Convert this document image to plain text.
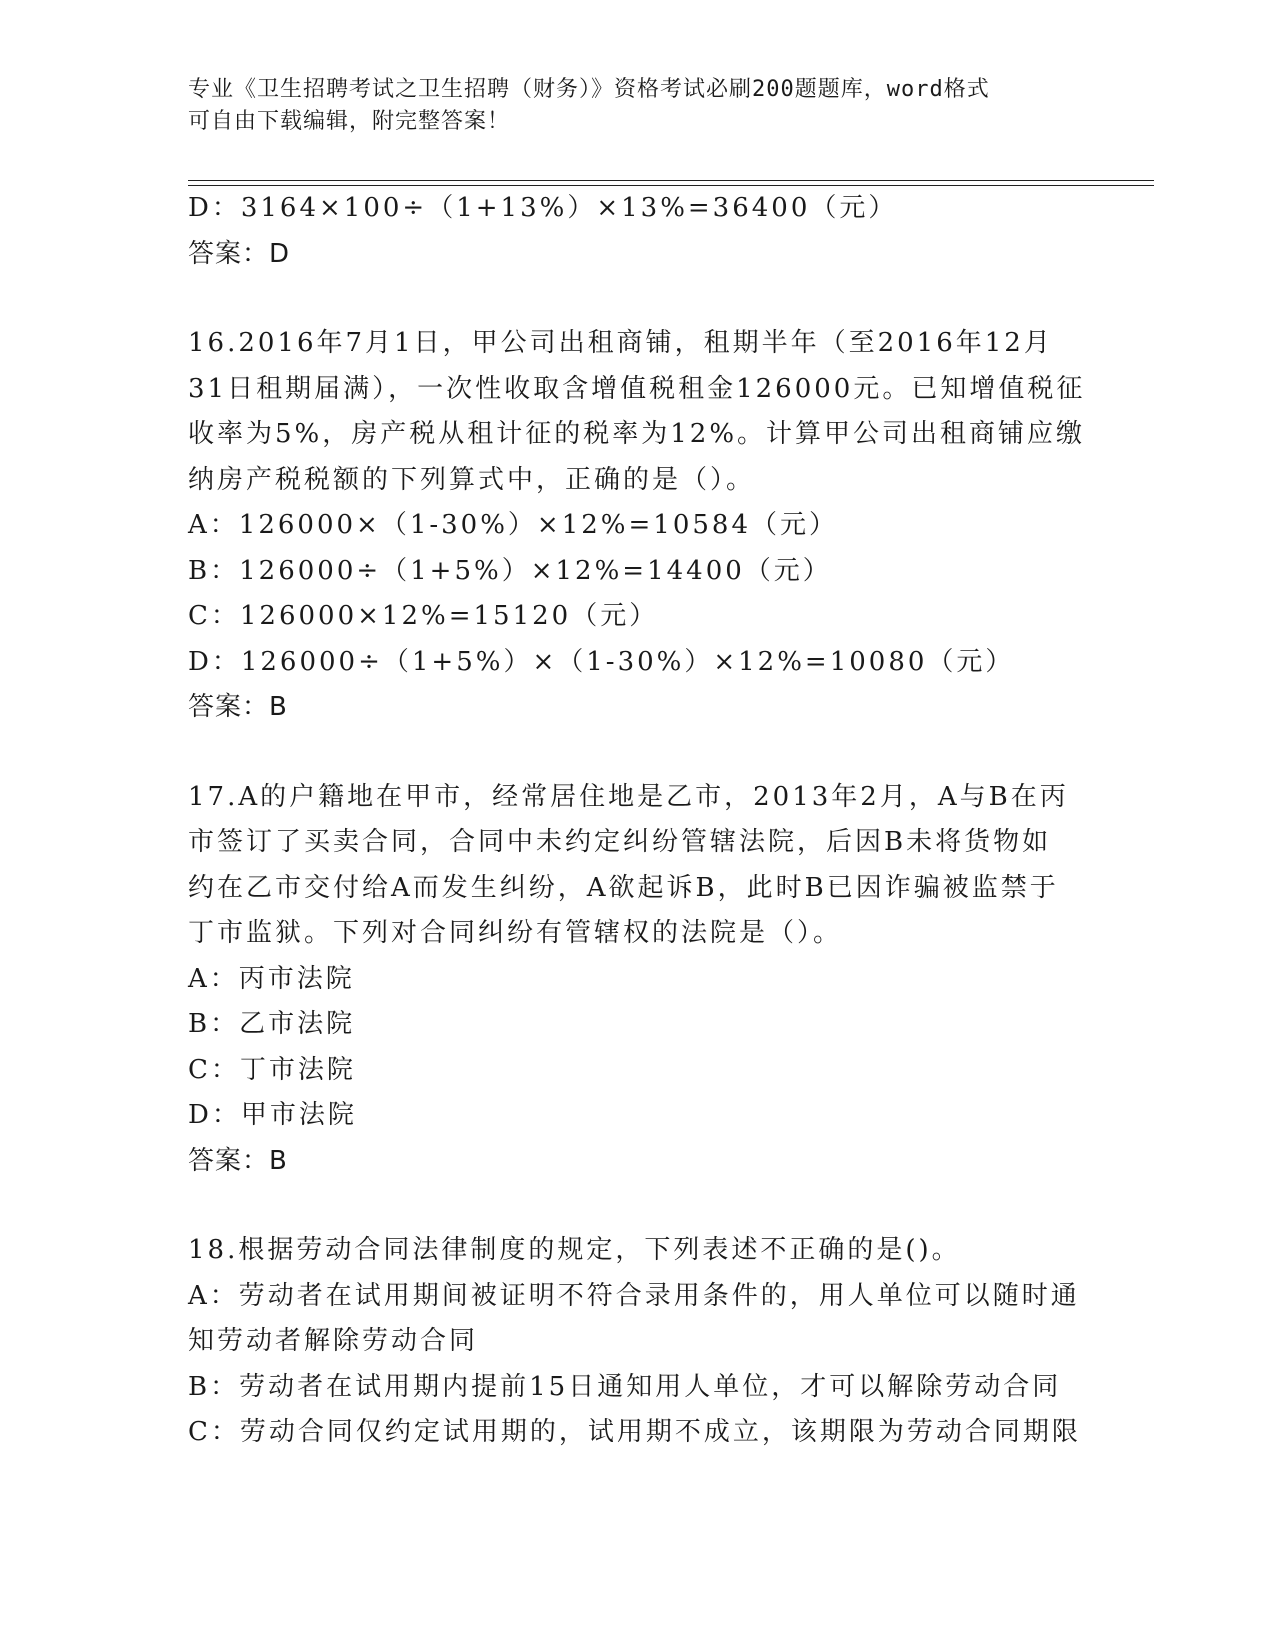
专业《卫生招聘考试之卫生招聘（财务）》资格考试必刷200题题库，word格式
可自由下载编辑，附完整答案！
D：3164×100÷（1+13%）×13%=36400（元）
答案：D
16.2016年7月1日，甲公司出租商铺，租期半年（至2016年12月
31日租期届满），一次性收取含增值税租金126000元。已知增值税征
收率为5%，房产税从租计征的税率为12%。计算甲公司出租商铺应缴
纳房产税税额的下列算式中，正确的是（）。
A：126000×（1-30%）×12%=10584（元）
B：126000÷（1+5%）×12%=14400（元）
C：126000×12%=15120（元）
D：126000÷（1+5%）×（1-30%）×12%=10080（元）
答案：B
17.A的户籍地在甲市，经常居住地是乙市，2013年2月，A与B在丙
市签订了买卖合同，合同中未约定纠纷管辖法院，后因B未将货物如
约在乙市交付给A而发生纠纷，A欲起诉B，此时B已因诈骗被监禁于
丁市监狱。下列对合同纠纷有管辖权的法院是（）。
A：丙市法院
B：乙市法院
C：丁市法院
D：甲市法院
答案：B
18.根据劳动合同法律制度的规定，下列表述不正确的是()。
A：劳动者在试用期间被证明不符合录用条件的，用人单位可以随时通
知劳动者解除劳动合同
B：劳动者在试用期内提前15日通知用人单位，才可以解除劳动合同
C：劳动合同仅约定试用期的，试用期不成立，该期限为劳动合同期限
